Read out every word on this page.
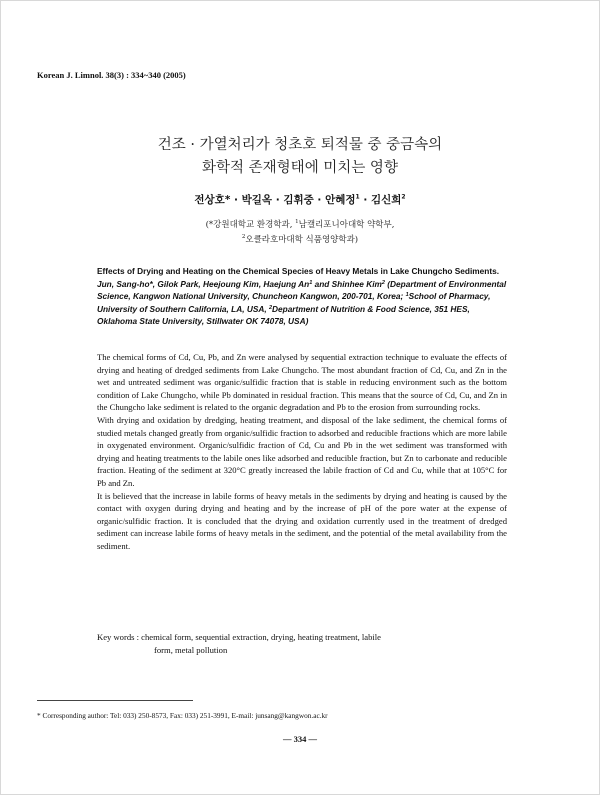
Korean J. Limnol. 38(3) : 334~340 (2005)
건조 · 가열처리가 청초호 퇴적물 중 중금속의
화학적 존재형태에 미치는 영향
전상호* · 박길옥 · 김휘중 · 안혜정$^1$ · 김신희$^2$
(*강원대학교 환경학과, $^1$남캘리포니아대학 약학부,
$^2$오클라호마대학 식품영양학과)
Effects of Drying and Heating on the Chemical Species of Heavy Metals in Lake Chungcho Sediments. Jun, Sang-ho*, Gilok Park, Heejoung Kim, Haejung An$^1$ and Shinhee Kim$^2$ (Department of Environmental Science, Kangwon National University, Chuncheon Kangwon, 200-701, Korea; $^1$School of Pharmacy, University of Southern California, LA, USA, $^2$Department of Nutrition & Food Science, 351 HES, Oklahoma State University, Stillwater OK 74078, USA)

The chemical forms of Cd, Cu, Pb, and Zn were analysed by sequential extraction technique to evaluate the effects of drying and heating of dredged sediments from Lake Chungcho. The most abundant fraction of Cd, Cu, and Zn in the wet and untreated sediment was organic/sulfidic fraction that is stable in reducing environment such as the bottom condition of Lake Chungcho, while Pb dominated in residual fraction. This means that the source of Cd, Cu, and Zn in the Chungcho lake sediment is related to the organic degradation and Pb to the erosion from surrounding rocks.

With drying and oxidation by dredging, heating treatment, and disposal of the lake sediment, the chemical forms of studied metals changed greatly from organic/sulfidic fraction to adsorbed and reducible fractions which are more labile in oxygenated environment. Organic/sulfidic fraction of Cd, Cu and Pb in the wet sediment was transformed with drying and heating treatments to the labile ones like adsorbed and reducible fraction, but Zn to carbonate and reducible fraction. Heating of the sediment at 320°C greatly increased the labile fraction of Cd and Cu, while that at 105°C for Pb and Zn.

It is believed that the increase in labile forms of heavy metals in the sediments by drying and heating is caused by the contact with oxygen during drying and heating and by the increase of pH of the pore water at the expense of organic/sulfidic fraction. It is concluded that the drying and oxidation currently used in the treatment of dredged sediment can increase labile forms of heavy metals in the sediment, and the potential of the metal availability from the sediment.

Key words : chemical form, sequential extraction, drying, heating treatment, labile
form, metal pollution
* Corresponding author: Tel: 033) 250-8573, Fax: 033) 251-3991, E-mail: junsang@kangwon.ac.kr
— 334 —
